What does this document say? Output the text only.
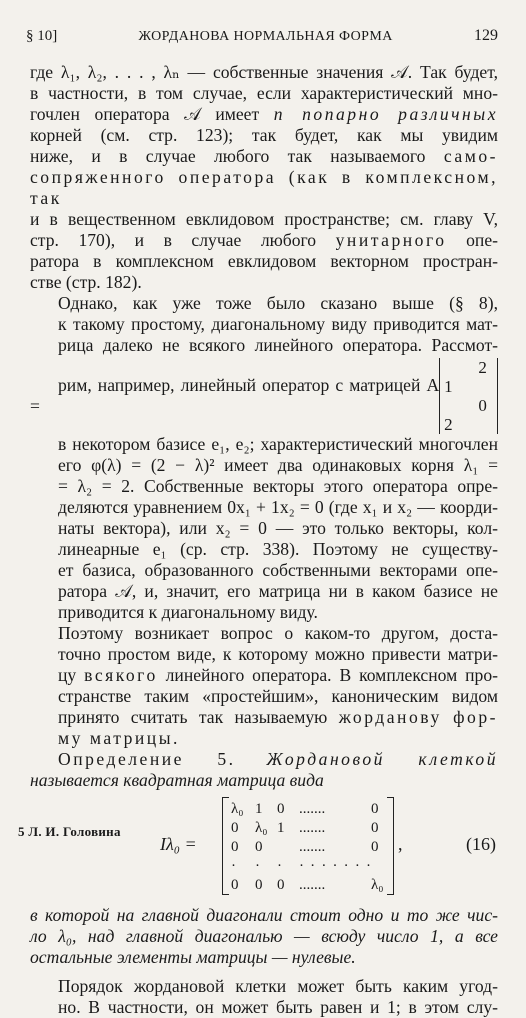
§ 10]	ЖОРДАНОВА НОРМАЛЬНАЯ ФОРМА	129

где λ₁, λ₂, . . . , λₙ — собственные значения 𝒜. Так будет,
в частности, в том случае, если характеристический мно-
гочлен оператора 𝒜 имеет n попарно различных
корней (см. стр. 123); так будет, как мы увидим
ниже, и в случае любого так называемого само-
сопряженного оператора (как в комплексном, так
и в вещественном евклидовом пространстве; см. главу V,
стр. 170), и в случае любого унитарного опе-
ратора в комплексном евклидовом векторном простран-
стве (стр. 182).

Однако, как уже тоже было сказано выше (§ 8),
к такому простому, диагональному виду приводится мат-
рица далеко не всякого линейного оператора. Рассмот-
рим, например, линейный оператор с матрицей A =
2 1
0 2
в некотором базисе e₁, e₂; характеристический многочлен
его φ(λ) = (2 − λ)² имеет два одинаковых корня λ₁ =
= λ₂ = 2. Собственные векторы этого оператора опре-
деляются уравнением 0x₁ + 1x₂ = 0 (где x₁ и x₂ — коорди-
наты вектора), или x₂ = 0 — это только векторы, кол-
линеарные e₁ (ср. стр. 338). Поэтому не существу-
ет базиса, образованного собственными векторами опе-
ратора 𝒜, и, значит, его матрица ни в каком базисе не
приводится к диагональному виду.

Поэтому возникает вопрос о каком-то другом, доста-
точно простом виде, к которому можно привести матри-
цу всякого линейного оператора. В комплексном про-
странстве таким «простейшим», каноническим видом
принято считать так называемую жорданову фор-
му матрицы.

Определение 5. Жордановой клеткой
называется квадратная матрица вида

Iλ₀ =
λ₀ 1 0 .......	0
0	λ₀ 1 .......	0
0	0	.......	0
·	·	·	· · · · · · ·
0	0 0 .......	λ₀
,	(16)

в которой на главной диагонали стоит одно и то же чис-
ло λ₀, над главной диагональю — всюду число 1, а все
остальные элементы матрицы — нулевые.

Порядок жордановой клетки может быть каким угод-
но. В частности, он может быть равен и 1; в этом слу-

5 Л. И. Головина
